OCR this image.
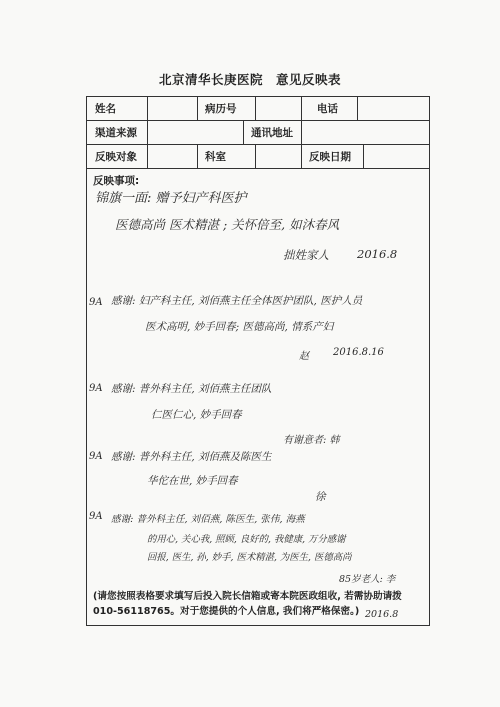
北京清华长庚医院　意见反映表
姓名	病历号	电话
渠道来源	通讯地址
反映对象	科室	反映日期
反映事项:
锦旗一面: 赠予妇产科医护
医德高尚 医术精湛 ; 关怀倍至, 如沐春风
拙姓家人 2016.8
9A 感谢: 妇产科主任, 刘佰燕主任全体医护团队, 医护人员
医术高明, 妙手回春; 医德高尚, 情系产妇
赵 2016.8.16
9A 感谢: 普外科主任, 刘佰燕主任团队
仁医仁心, 妙手回春
有谢意者: 韩
9A 感谢: 普外科主任, 刘佰燕及陈医生
华佗在世, 妙手回春
徐
9A 感谢: 普外科主任, 刘佰燕, 陈医生, 张伟, 海燕
的用心, 关心我, 照顾, 良好的, 我健康, 万分感谢
回报, 医生, 孙, 妙手, 医术精湛, 为医生, 医德高尚
85岁老人: 李
(请您按照表格要求填写后投入院长信箱或寄本院医政组收, 若需协助请拨010-56118765。对于您提供的个人信息, 我们将严格保密。) 2016.8
